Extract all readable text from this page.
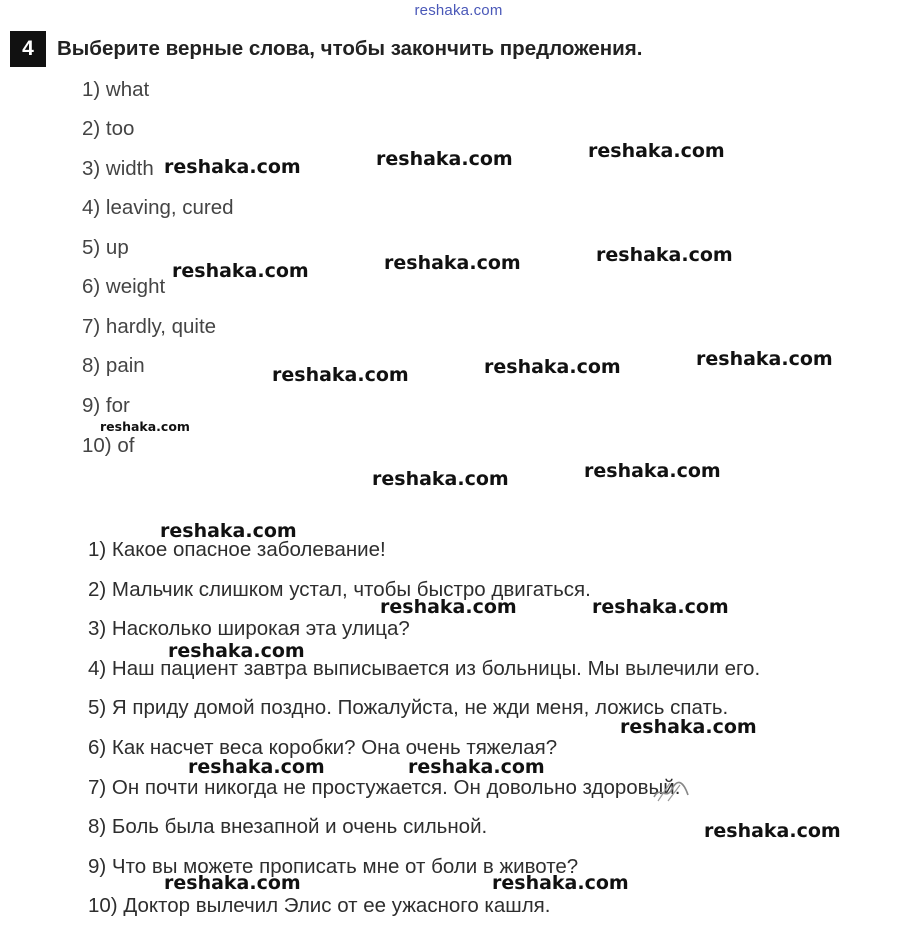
reshaka.com
4	Выберите верные слова, чтобы закончить предложения.
1) what
2) too
3) width
4) leaving, cured
5) up
6) weight
7) hardly, quite
8) pain
9) for
10) of
1) Какое опасное заболевание!
2) Мальчик слишком устал, чтобы быстро двигаться.
3) Насколько широкая эта улица?
4) Наш пациент завтра выписывается из больницы. Мы вылечили его.
5) Я приду домой поздно. Пожалуйста, не жди меня, ложись спать.
6) Как насчет веса коробки? Она очень тяжелая?
7) Он почти никогда не простужается. Он довольно здоровый.
8) Боль была внезапной и очень сильной.
9) Что вы можете прописать мне от боли в животе?
10) Доктор вылечил Элис от ее ужасного кашля.
reshaka.com	reshaka.com	reshaka.com
reshaka.com	reshaka.com	reshaka.com
reshaka.com	reshaka.com	reshaka.com
reshaka.com
reshaka.com	reshaka.com
reshaka.com
reshaka.com	reshaka.com
reshaka.com
reshaka.com
reshaka.com	reshaka.com
reshaka.com
reshaka.com	reshaka.com
